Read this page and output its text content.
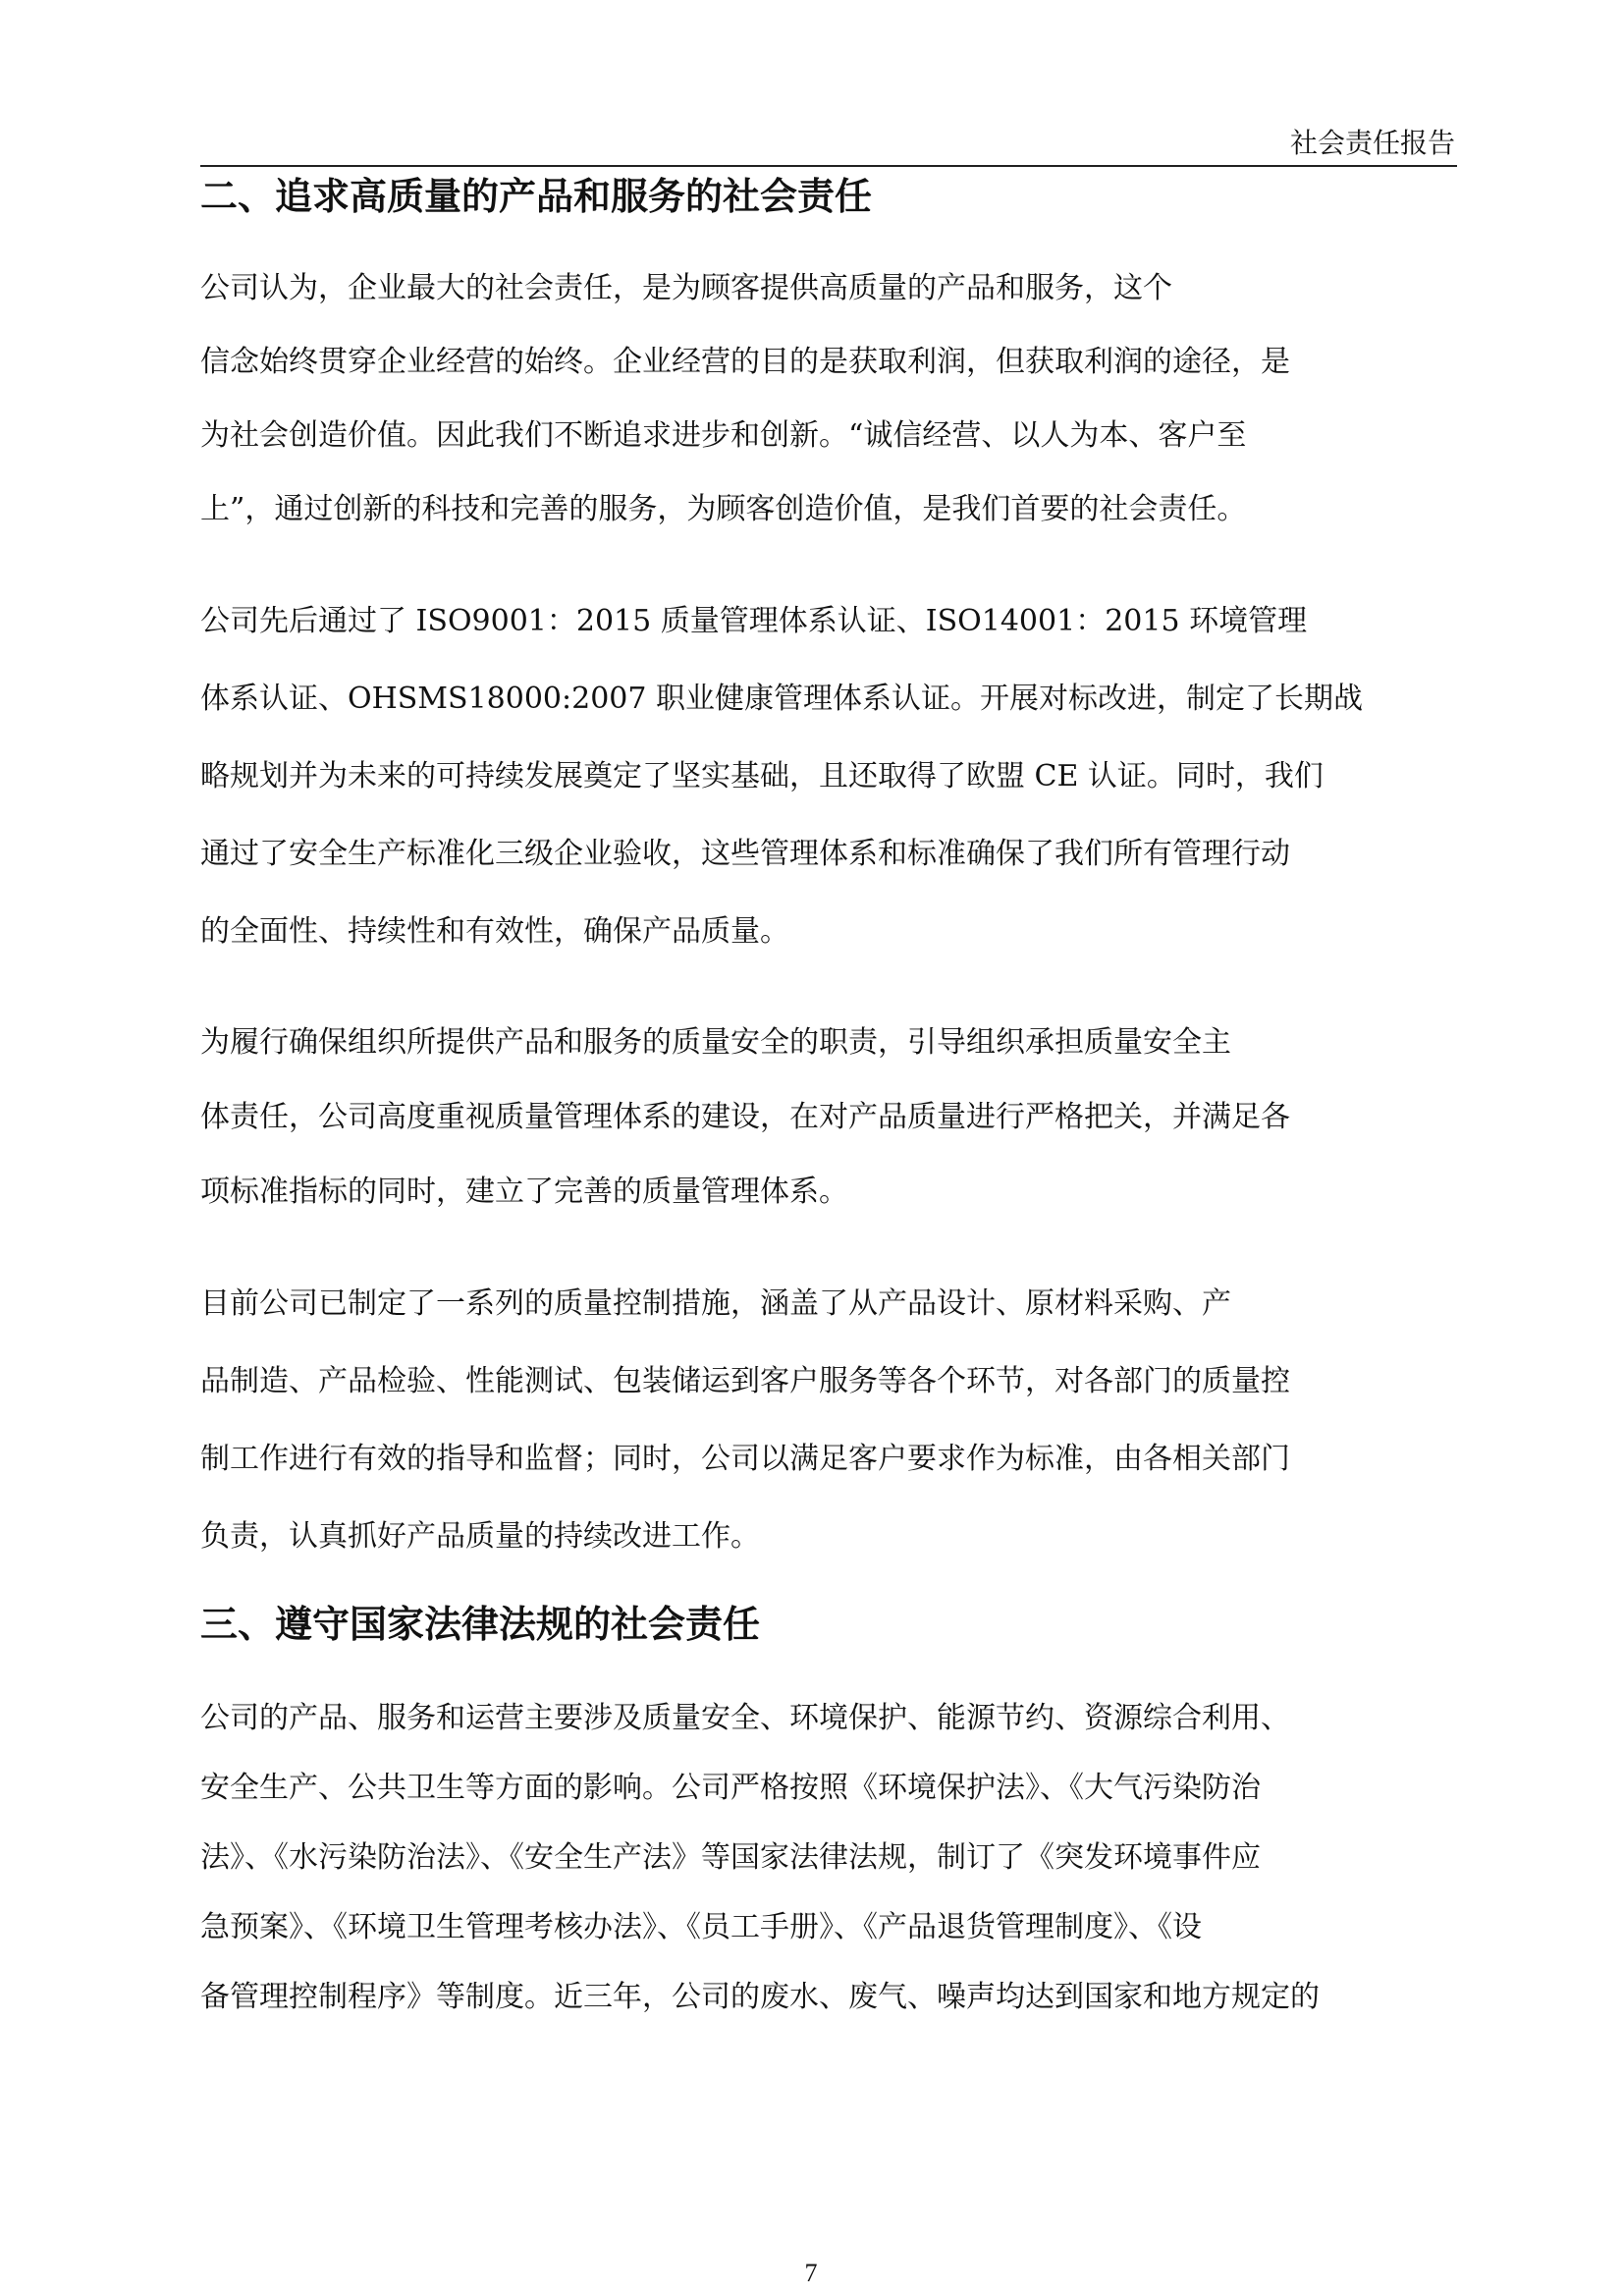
社会责任报告
二、追求高质量的产品和服务的社会责任

公司认为，企业最大的社会责任，是为顾客提供高质量的产品和服务，这个
信念始终贯穿企业经营的始终。企业经营的目的是获取利润，但获取利润的途径，是
为社会创造价值。因此我们不断追求进步和创新。“诚信经营、以人为本、客户至
上”，通过创新的科技和完善的服务，为顾客创造价值，是我们首要的社会责任。

公司先后通过了 ISO9001：2015 质量管理体系认证、ISO14001：2015 环境管理
体系认证、OHSMS18000:2007 职业健康管理体系认证。开展对标改进，制定了长期战
略规划并为未来的可持续发展奠定了坚实基础，且还取得了欧盟 CE 认证。同时，我们
通过了安全生产标准化三级企业验收，这些管理体系和标准确保了我们所有管理行动
的全面性、持续性和有效性，确保产品质量。

为履行确保组织所提供产品和服务的质量安全的职责，引导组织承担质量安全主
体责任，公司高度重视质量管理体系的建设，在对产品质量进行严格把关，并满足各
项标准指标的同时，建立了完善的质量管理体系。

目前公司已制定了一系列的质量控制措施，涵盖了从产品设计、原材料采购、产
品制造、产品检验、性能测试、包装储运到客户服务等各个环节，对各部门的质量控
制工作进行有效的指导和监督；同时，公司以满足客户要求作为标准，由各相关部门
负责，认真抓好产品质量的持续改进工作。

三、遵守国家法律法规的社会责任

公司的产品、服务和运营主要涉及质量安全、环境保护、能源节约、资源综合利用、
安全生产、公共卫生等方面的影响。公司严格按照《环境保护法》、《大气污染防治
法》、《水污染防治法》、《安全生产法》等国家法律法规，制订了《突发环境事件应
急预案》、《环境卫生管理考核办法》、《员工手册》、《产品退货管理制度》、《设
备管理控制程序》等制度。近三年，公司的废水、废气、噪声均达到国家和地方规定的

7
